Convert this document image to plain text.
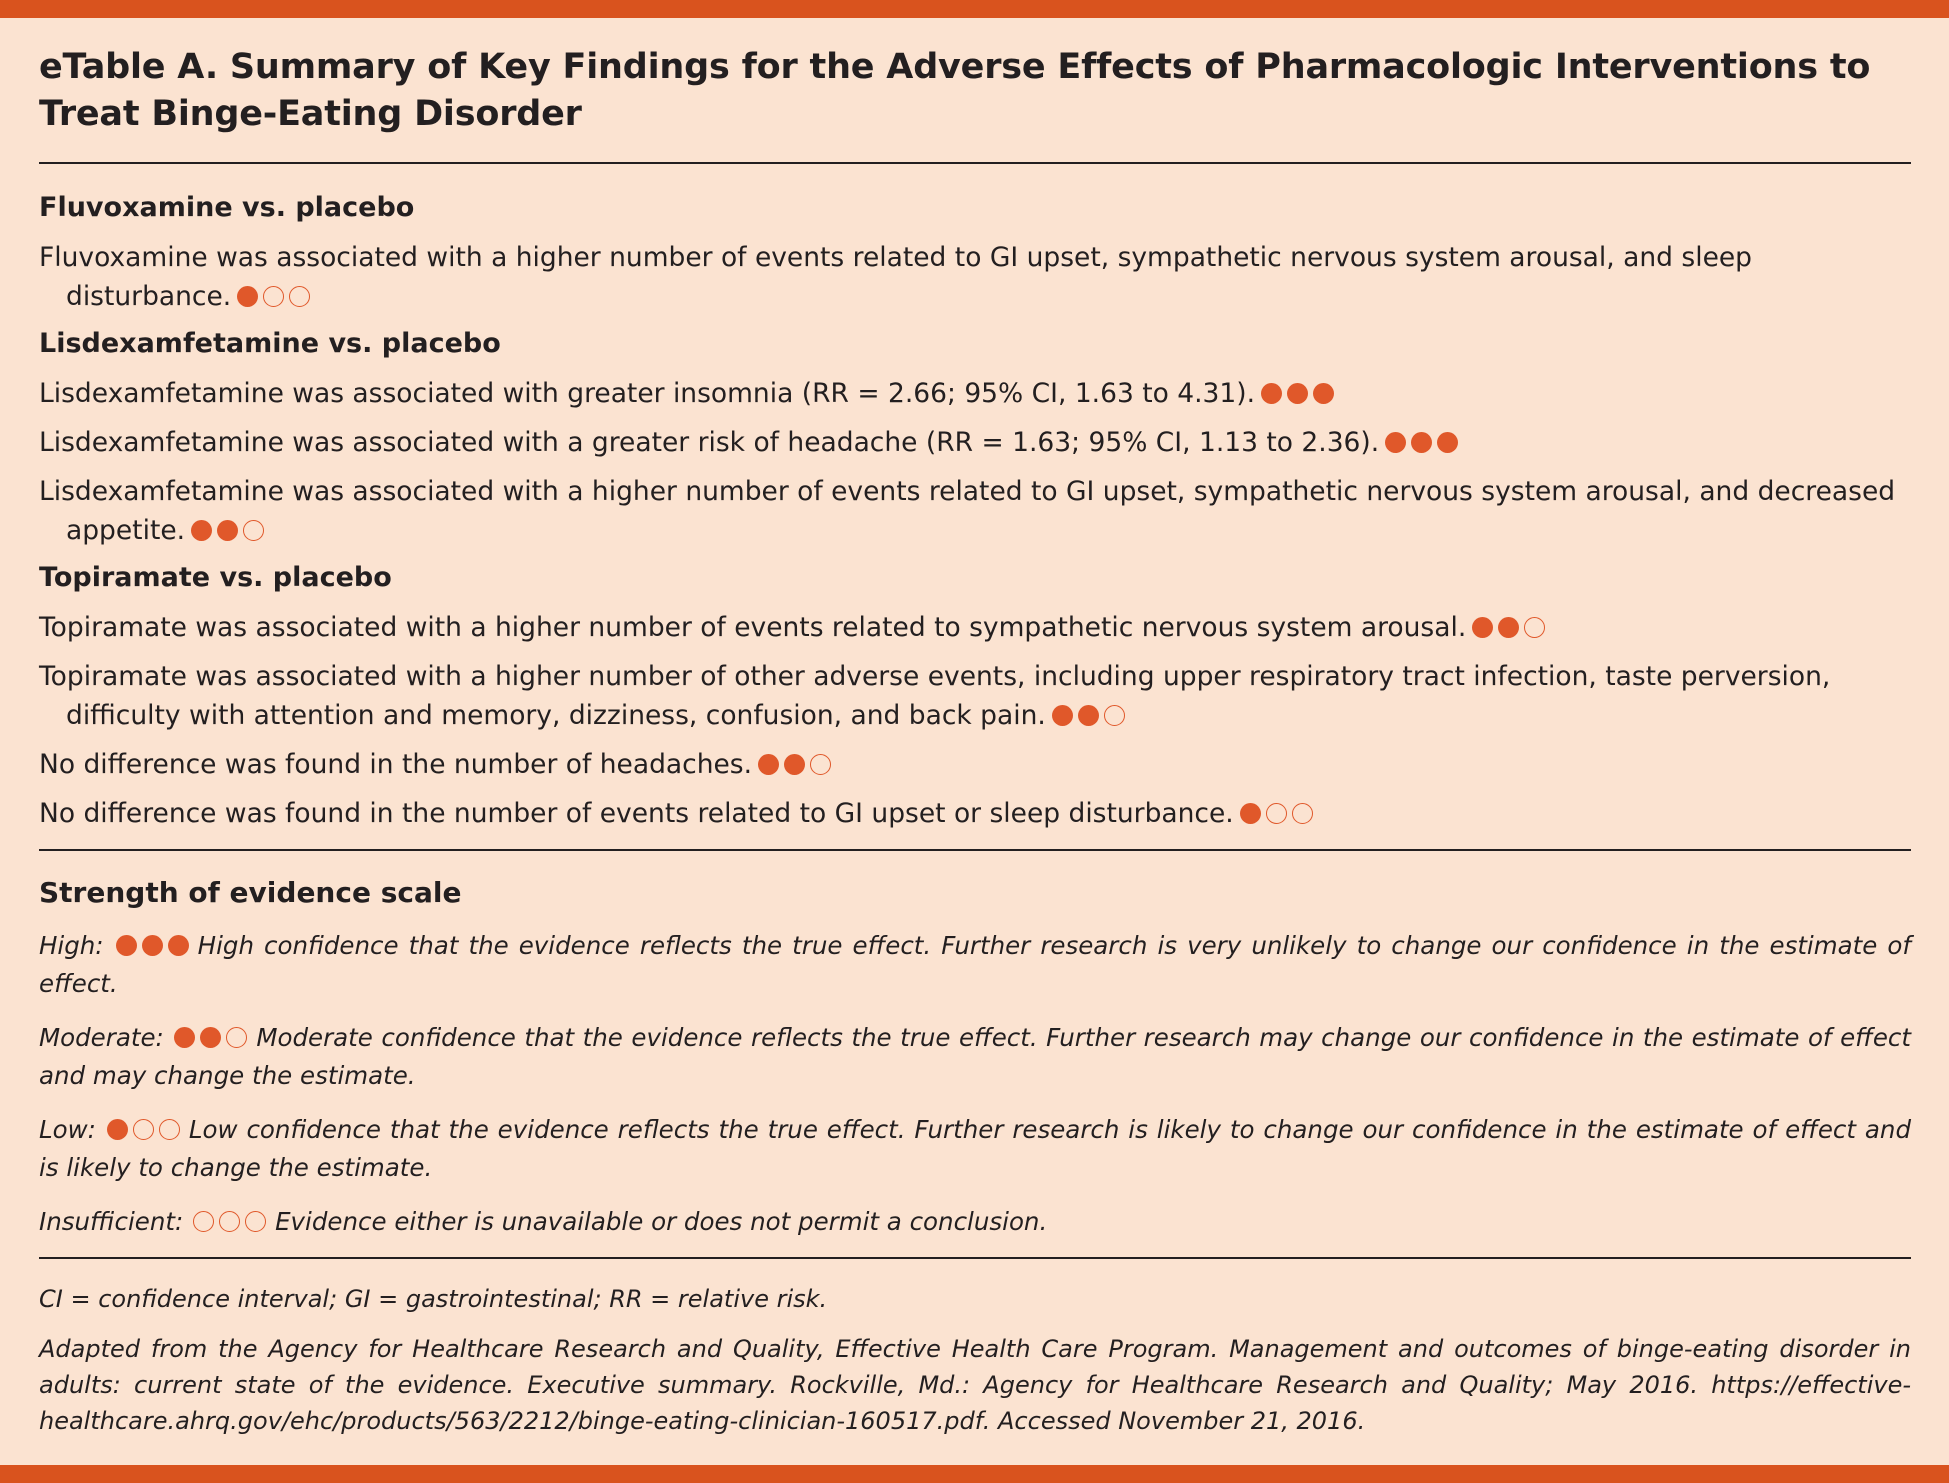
eTable A. Summary of Key Findings for the Adverse Effects of Pharmacologic Interventions to Treat Binge-Eating Disorder
Fluvoxamine vs. placebo

Fluvoxamine was associated with a higher number of events related to GI upset, sympathetic nervous system arousal, and sleep disturbance.

Lisdexamfetamine vs. placebo

Lisdexamfetamine was associated with greater insomnia (RR = 2.66; 95% CI, 1.63 to 4.31).

Lisdexamfetamine was associated with a greater risk of headache (RR = 1.63; 95% CI, 1.13 to 2.36).

Lisdexamfetamine was associated with a higher number of events related to GI upset, sympathetic nervous system arousal, and decreased appetite.

Topiramate vs. placebo

Topiramate was associated with a higher number of events related to sympathetic nervous system arousal.

Topiramate was associated with a higher number of other adverse events, including upper respiratory tract infection, taste perversion, difficulty with attention and memory, dizziness, confusion, and back pain.

No difference was found in the number of headaches.

No difference was found in the number of events related to GI upset or sleep disturbance.

Strength of evidence scale

High:	High confidence that the evidence reflects the true effect. Further research is very unlikely to change our confidence in the estimate of effect.

Moderate:	Moderate confidence that the evidence reflects the true effect. Further research may change our confidence in the estimate of effect and may change the estimate.

Low:	Low confidence that the evidence reflects the true effect. Further research is likely to change our confidence in the estimate of effect and is likely to change the estimate.

Insufficient:	Evidence either is unavailable or does not permit a conclusion.

CI = confidence interval; GI = gastrointestinal; RR = relative risk.

Adapted from the Agency for Healthcare Research and Quality, Effective Health Care Program. Management and outcomes of binge-eating disorder in adults: current state of the evidence. Executive summary. Rockville, Md.: Agency for Healthcare Research and Quality; May 2016. https://effective-healthcare.ahrq.gov/ehc/products/563/2212/binge-eating-clinician-160517.pdf. Accessed November 21, 2016.
